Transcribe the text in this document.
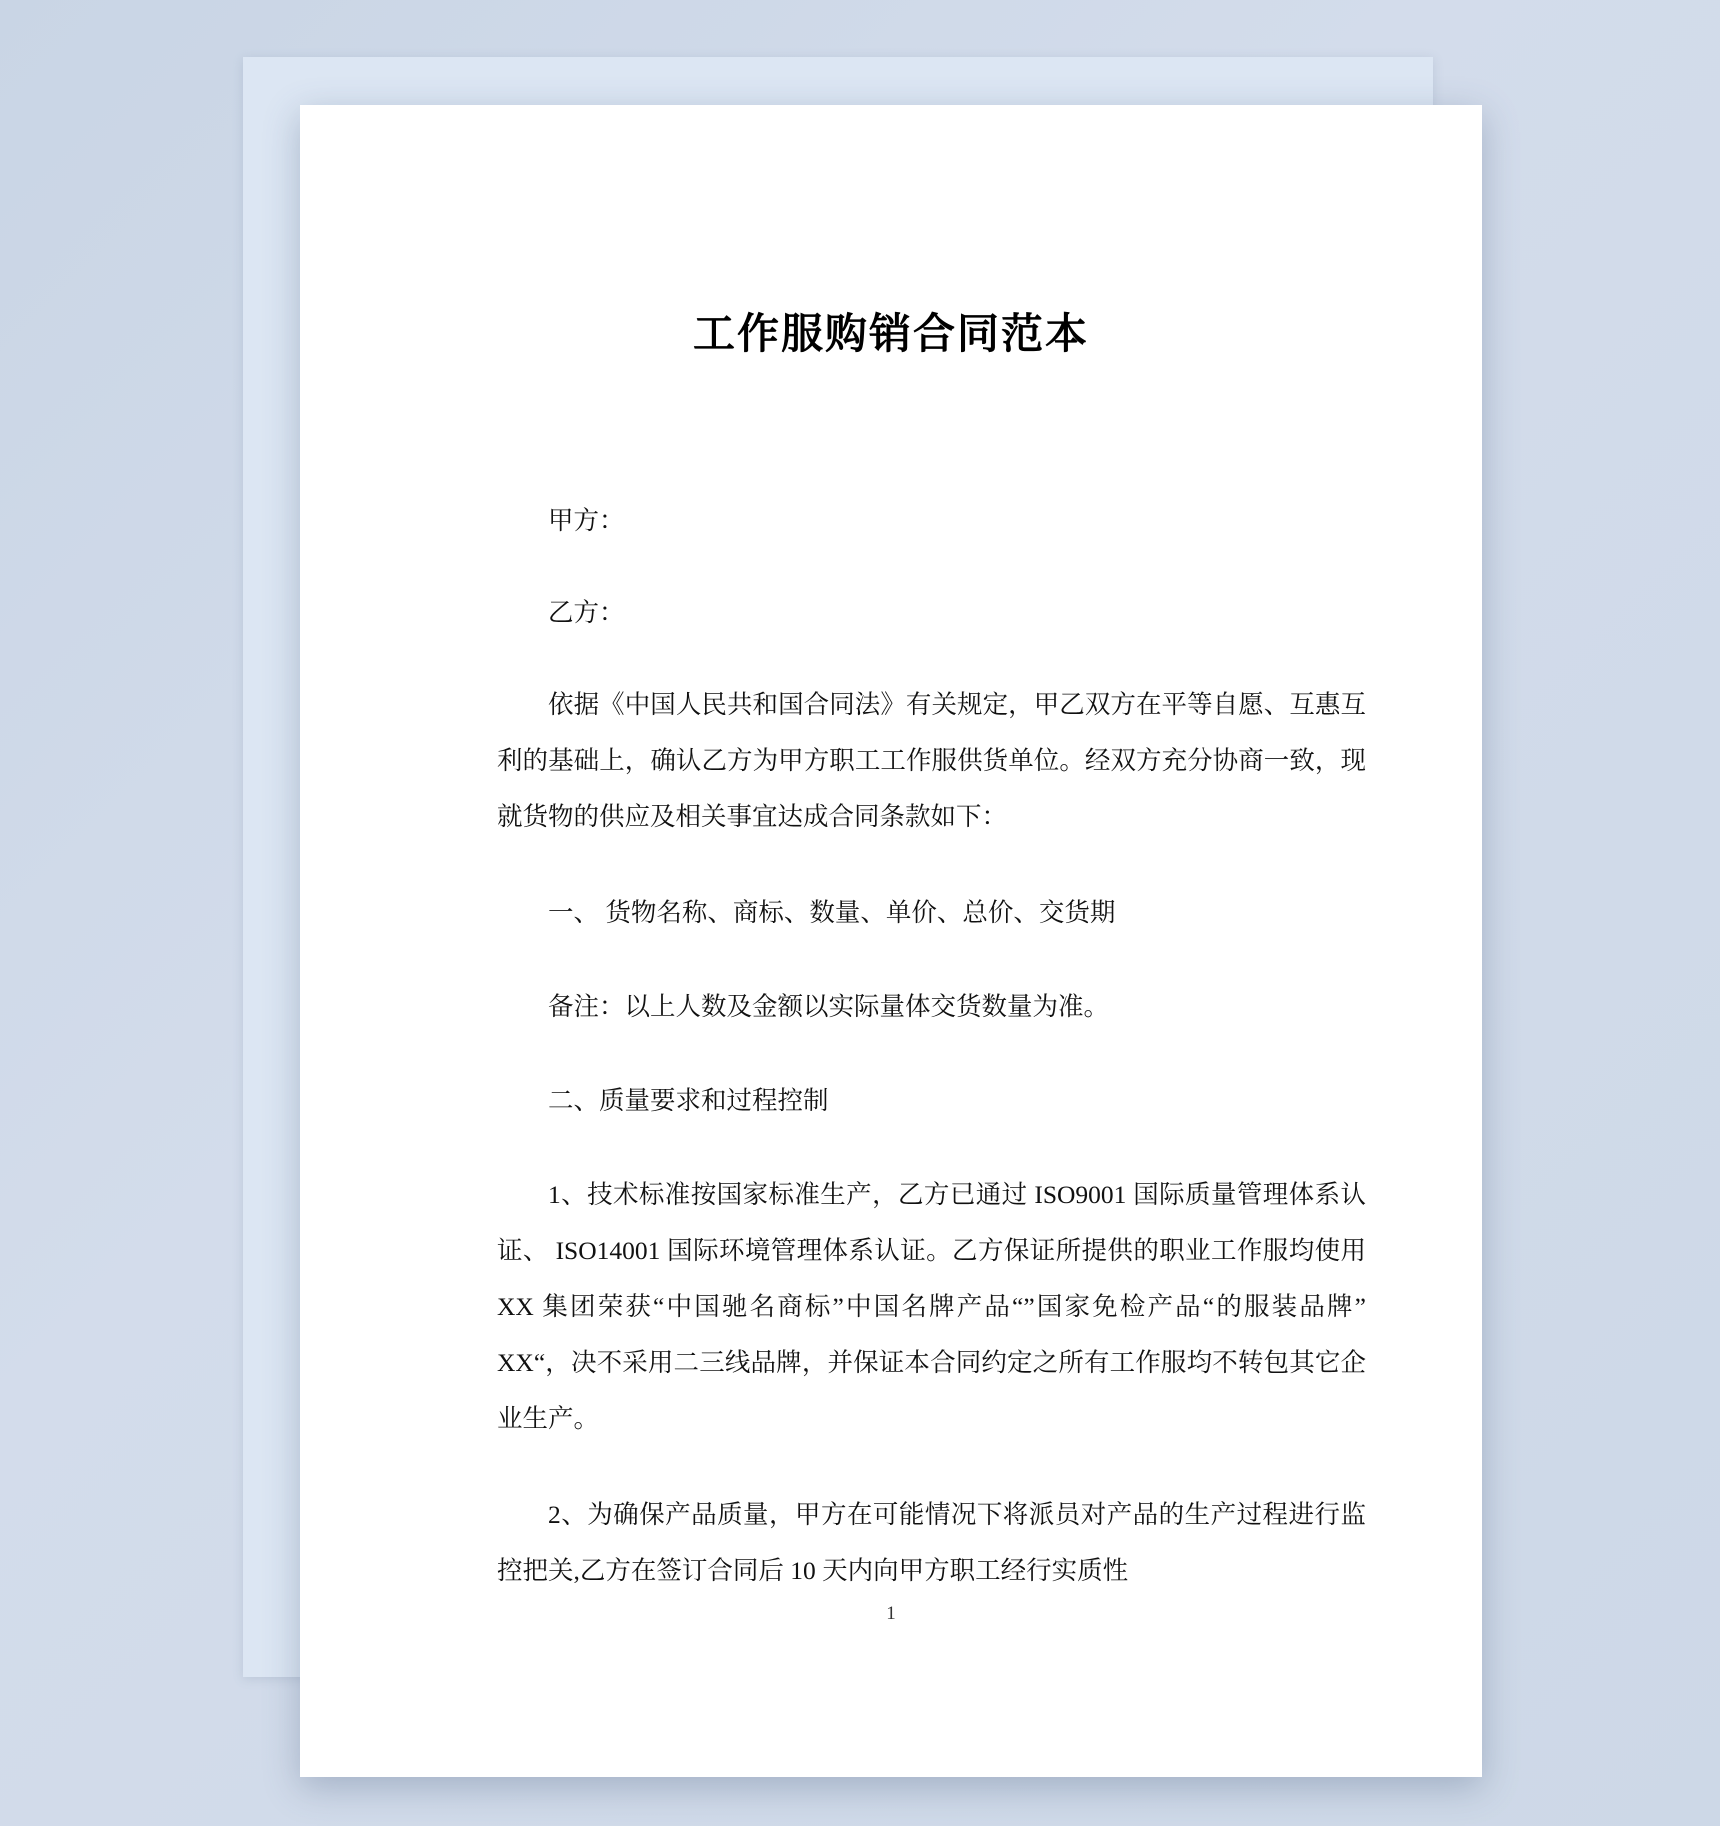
工作服购销合同范本

甲方：

乙方：

依据《中国人民共和国合同法》有关规定，甲乙双方在平等自愿、互惠互利的基础上，确认乙方为甲方职工工作服供货单位。经双方充分协商一致，现就货物的供应及相关事宜达成合同条款如下：

一、 货物名称、商标、数量、单价、总价、交货期

备注：以上人数及金额以实际量体交货数量为准。

二、质量要求和过程控制

1、技术标准按国家标准生产，乙方已通过 ISO9001 国际质量管理体系认证、 ISO14001 国际环境管理体系认证。乙方保证所提供的职业工作服均使用 XX 集团荣获“中国驰名商标”中国名牌产品“”国家免检产品“的服装品牌”XX“，决不采用二三线品牌，并保证本合同约定之所有工作服均不转包其它企业生产。

2、为确保产品质量，甲方在可能情况下将派员对产品的生产过程进行监控把关,乙方在签订合同后 10 天内向甲方职工经行实质性

1
